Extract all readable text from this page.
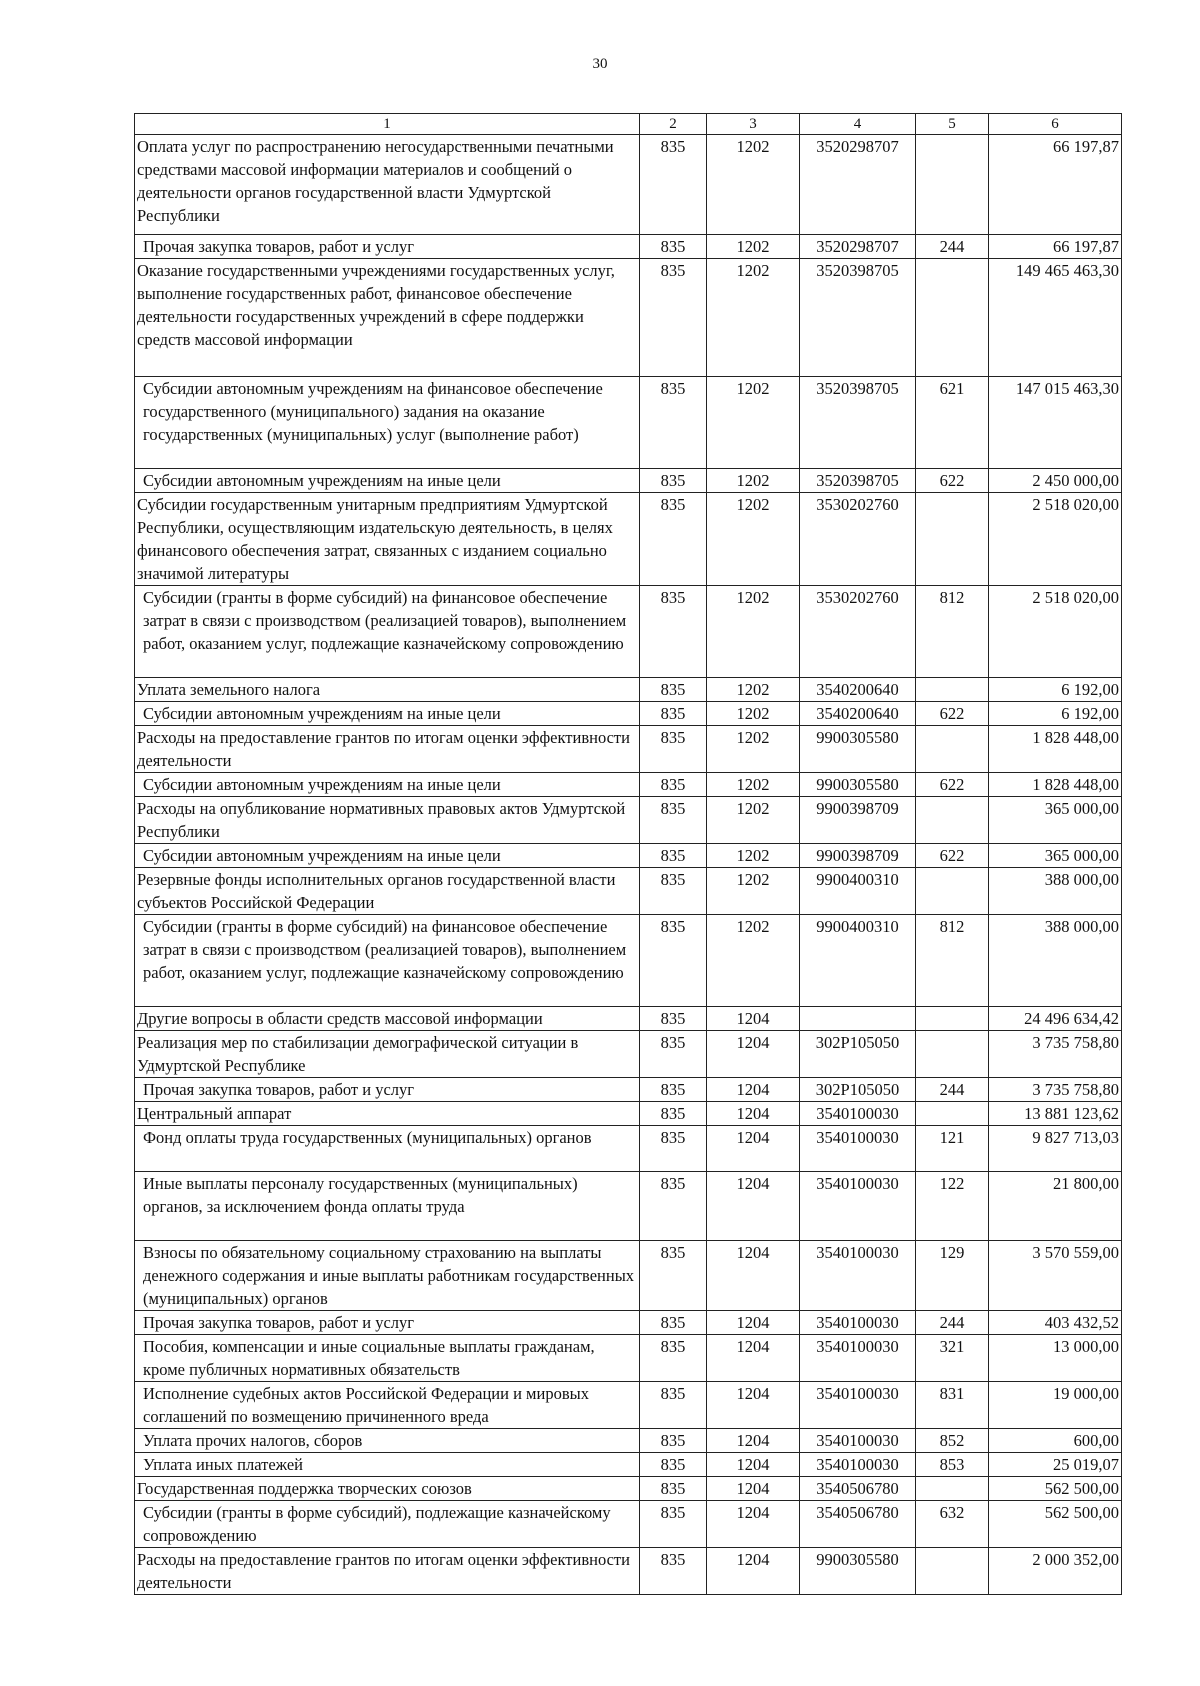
30
1	2	3	4	5	6
Оплата услуг по распространению негосударственными печатными средствами массовой информации материалов и сообщений о деятельности органов государственной власти Удмуртской Республики	835	1202	3520298707		66 197,87
Прочая закупка товаров, работ и услуг	835	1202	3520298707	244	66 197,87
Оказание государственными учреждениями государственных услуг, выполнение государственных работ, финансовое обеспечение деятельности государственных учреждений в сфере поддержки средств массовой информации	835	1202	3520398705		149 465 463,30
Субсидии автономным учреждениям на финансовое обеспечение государственного (муниципального) задания на оказание государственных (муниципальных) услуг (выполнение работ)	835	1202	3520398705	621	147 015 463,30
Субсидии автономным учреждениям на иные цели	835	1202	3520398705	622	2 450 000,00
Субсидии государственным унитарным предприятиям Удмуртской Республики, осуществляющим издательскую деятельность, в целях финансового обеспечения затрат, связанных с изданием социально значимой литературы	835	1202	3530202760		2 518 020,00
Субсидии (гранты в форме субсидий) на финансовое обеспечение затрат в связи с производством (реализацией товаров), выполнением работ, оказанием услуг, подлежащие казначейскому сопровождению	835	1202	3530202760	812	2 518 020,00
Уплата земельного налога	835	1202	3540200640		6 192,00
Субсидии автономным учреждениям на иные цели	835	1202	3540200640	622	6 192,00
Расходы на предоставление грантов по итогам оценки эффективности деятельности	835	1202	9900305580		1 828 448,00
Субсидии автономным учреждениям на иные цели	835	1202	9900305580	622	1 828 448,00
Расходы на опубликование нормативных правовых актов Удмуртской Республики	835	1202	9900398709		365 000,00
Субсидии автономным учреждениям на иные цели	835	1202	9900398709	622	365 000,00
Резервные фонды исполнительных органов государственной власти субъектов Российской Федерации	835	1202	9900400310		388 000,00
Субсидии (гранты в форме субсидий) на финансовое обеспечение затрат в связи с производством (реализацией товаров), выполнением работ, оказанием услуг, подлежащие казначейскому сопровождению	835	1202	9900400310	812	388 000,00
Другие вопросы в области средств массовой информации	835	1204			24 496 634,42
Реализация мер по стабилизации демографической ситуации в Удмуртской Республике	835	1204	302P105050		3 735 758,80
Прочая закупка товаров, работ и услуг	835	1204	302P105050	244	3 735 758,80
Центральный аппарат	835	1204	3540100030		13 881 123,62
Фонд оплаты труда государственных (муниципальных) органов	835	1204	3540100030	121	9 827 713,03
Иные выплаты персоналу государственных (муниципальных) органов, за исключением фонда оплаты труда	835	1204	3540100030	122	21 800,00
Взносы по обязательному социальному страхованию на выплаты денежного содержания и иные выплаты работникам государственных (муниципальных) органов	835	1204	3540100030	129	3 570 559,00
Прочая закупка товаров, работ и услуг	835	1204	3540100030	244	403 432,52
Пособия, компенсации и иные социальные выплаты гражданам, кроме публичных нормативных обязательств	835	1204	3540100030	321	13 000,00
Исполнение судебных актов Российской Федерации и мировых соглашений по возмещению причиненного вреда	835	1204	3540100030	831	19 000,00
Уплата прочих налогов, сборов	835	1204	3540100030	852	600,00
Уплата иных платежей	835	1204	3540100030	853	25 019,07
Государственная поддержка творческих союзов	835	1204	3540506780		562 500,00
Субсидии (гранты в форме субсидий), подлежащие казначейскому сопровождению	835	1204	3540506780	632	562 500,00
Расходы на предоставление грантов по итогам оценки эффективности деятельности	835	1204	9900305580		2 000 352,00
